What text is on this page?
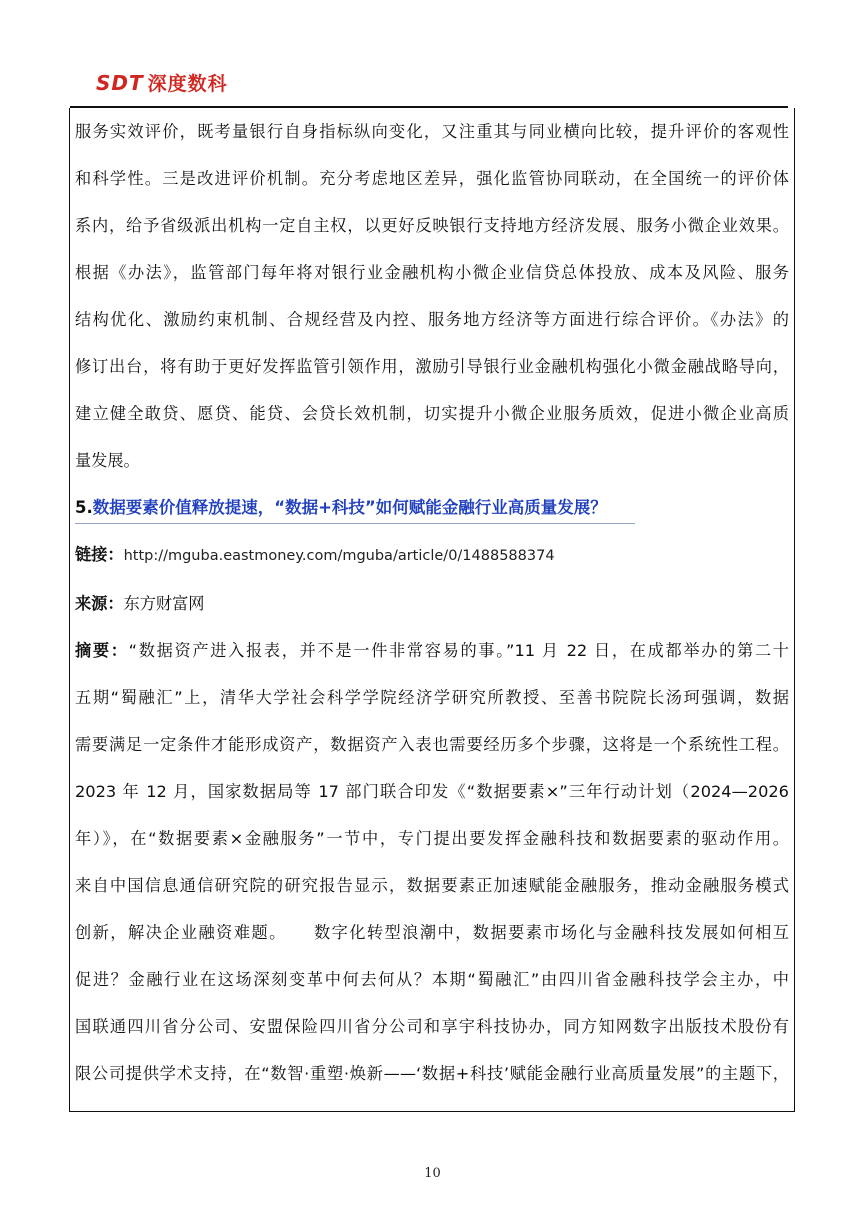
SDT 深度数科
服务实效评价，既考量银行自身指标纵向变化，又注重其与同业横向比较，提升评价的客观性
和科学性。三是改进评价机制。充分考虑地区差异，强化监管协同联动，在全国统一的评价体
系内，给予省级派出机构一定自主权，以更好反映银行支持地方经济发展、服务小微企业效果。
根据《办法》，监管部门每年将对银行业金融机构小微企业信贷总体投放、成本及风险、服务
结构优化、激励约束机制、合规经营及内控、服务地方经济等方面进行综合评价。《办法》的
修订出台，将有助于更好发挥监管引领作用，激励引导银行业金融机构强化小微金融战略导向，
建立健全敢贷、愿贷、能贷、会贷长效机制，切实提升小微企业服务质效，促进小微企业高质
量发展。
5.数据要素价值释放提速，“数据+科技”如何赋能金融行业高质量发展？
链接：http://mguba.eastmoney.com/mguba/article/0/1488588374
来源：东方财富网
摘要：“数据资产进入报表，并不是一件非常容易的事。”11 月 22 日，在成都举办的第二十
五期“蜀融汇”上，清华大学社会科学学院经济学研究所教授、至善书院院长汤珂强调，数据
需要满足一定条件才能形成资产，数据资产入表也需要经历多个步骤，这将是一个系统性工程。
2023 年 12 月，国家数据局等 17 部门联合印发《“数据要素×”三年行动计划（2024—2026
年）》，在“数据要素×金融服务”一节中，专门提出要发挥金融科技和数据要素的驱动作用。
来自中国信息通信研究院的研究报告显示，数据要素正加速赋能金融服务，推动金融服务模式
创新，解决企业融资难题。　　数字化转型浪潮中，数据要素市场化与金融科技发展如何相互
促进？金融行业在这场深刻变革中何去何从？本期“蜀融汇”由四川省金融科技学会主办，中
国联通四川省分公司、安盟保险四川省分公司和享宇科技协办，同方知网数字出版技术股份有
限公司提供学术支持，在“数智·重塑·焕新——‘数据+科技’赋能金融行业高质量发展”的主题下，
10
